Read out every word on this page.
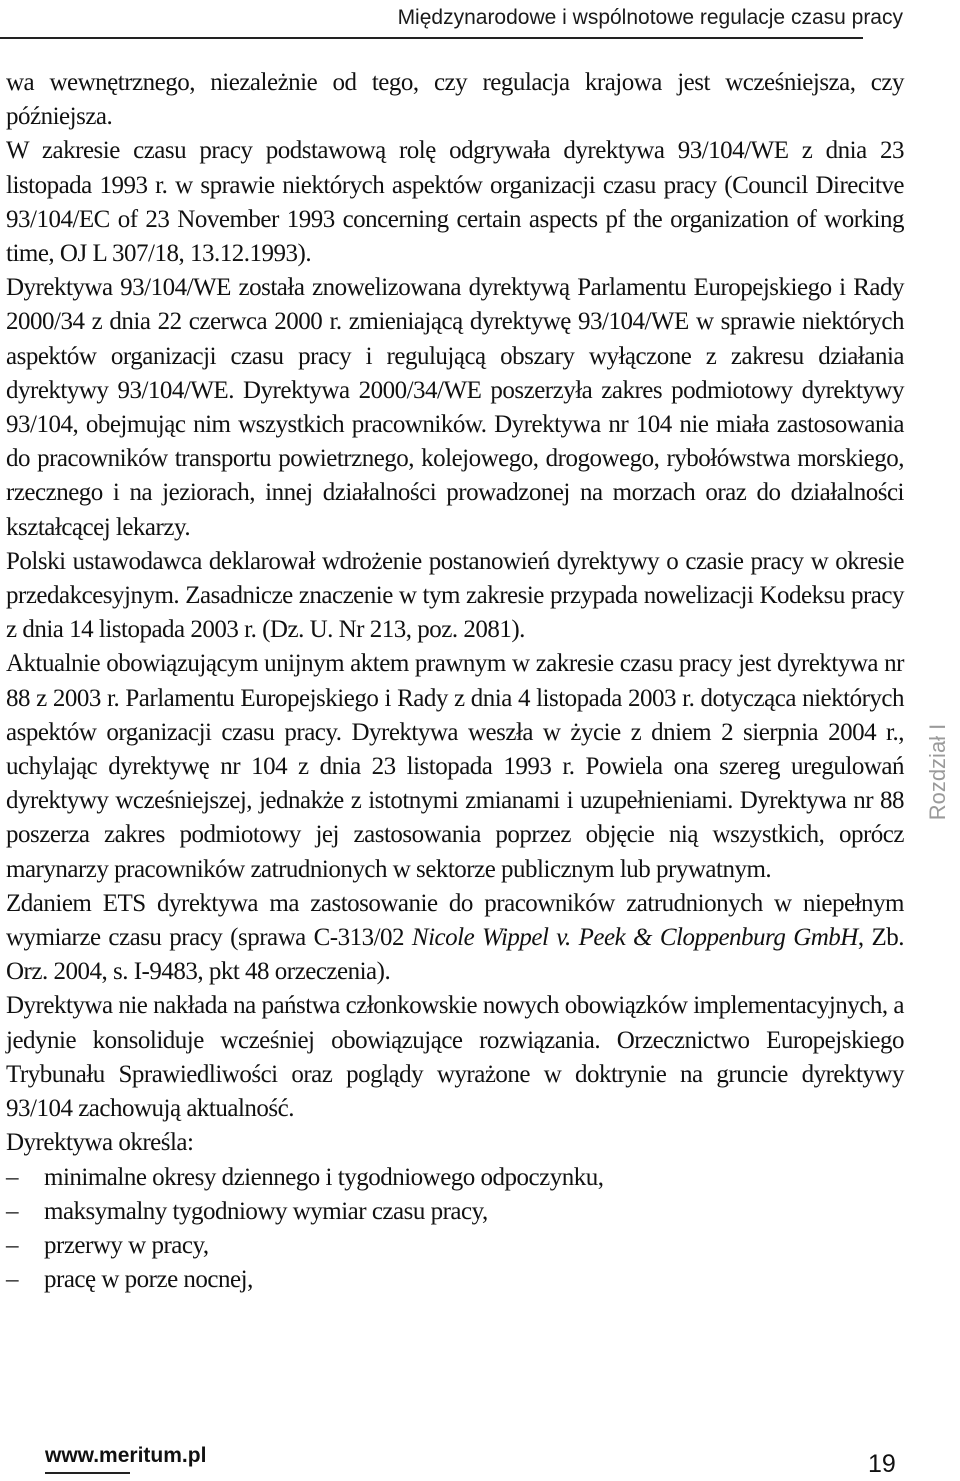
Międzynarodowe i wspólnotowe regulacje czasu pracy

wa wewnętrznego, niezależnie od tego, czy regulacja krajowa jest wcześniejsza, czy późniejsza.

W zakresie czasu pracy podstawową rolę odgrywała dyrektywa 93/104/WE z dnia 23 listopada 1993 r. w sprawie niektórych aspektów organizacji czasu pracy (Council Direcitve 93/104/EC of 23 November 1993 concerning certain aspects pf the organization of working time, OJ L 307/18, 13.12.1993).

Dyrektywa 93/104/WE została znowelizowana dyrektywą Parlamentu Europejskiego i Rady 2000/34 z dnia 22 czerwca 2000 r. zmieniającą dyrektywę 93/104/WE w sprawie niektórych aspektów organizacji czasu pracy i regulującą obszary wyłączone z zakresu działania dyrektywy 93/104/WE. Dyrektywa 2000/34/WE poszerzyła zakres podmiotowy dyrektywy 93/104, obejmując nim wszystkich pracowników. Dyrektywa nr 104 nie miała zastosowania do pracowników transportu powietrznego, kolejowego, drogowego, rybołówstwa morskiego, rzecznego i na jeziorach, innej działalności prowadzonej na morzach oraz do działalności kształcącej lekarzy.

Polski ustawodawca deklarował wdrożenie postanowień dyrektywy o czasie pracy w okresie przedakcesyjnym. Zasadnicze znaczenie w tym zakresie przypada nowelizacji Kodeksu pracy z dnia 14 listopada 2003 r. (Dz. U. Nr 213, poz. 2081).

Aktualnie obowiązującym unijnym aktem prawnym w zakresie czasu pracy jest dyrektywa nr 88 z 2003 r. Parlamentu Europejskiego i Rady z dnia 4 listopada 2003 r. dotycząca niektórych aspektów organizacji czasu pracy. Dyrektywa weszła w życie z dniem 2 sierpnia 2004 r., uchylając dyrektywę nr 104 z dnia 23 listopada 1993 r. Powiela ona szereg uregulowań dyrektywy wcześniejszej, jednakże z istotnymi zmianami i uzupełnieniami. Dyrektywa nr 88 poszerza zakres podmiotowy jej zastosowania poprzez objęcie nią wszystkich, oprócz marynarzy pracowników zatrudnionych w sektorze publicznym lub prywatnym.

Zdaniem ETS dyrektywa ma zastosowanie do pracowników zatrudnionych w niepełnym wymiarze czasu pracy (sprawa C-313/02 Nicole Wippel v. Peek & Cloppenburg GmbH, Zb. Orz. 2004, s. I-9483, pkt 48 orzeczenia).

Dyrektywa nie nakłada na państwa członkowskie nowych obowiązków implementacyjnych, a jedynie konsoliduje wcześniej obowiązujące rozwiązania. Orzecznictwo Europejskiego Trybunału Sprawiedliwości oraz poglądy wyrażone w doktrynie na gruncie dyrektywy 93/104 zachowują aktualność.

Dyrektywa określa:

– minimalne okresy dziennego i tygodniowego odpoczynku,
– maksymalny tygodniowy wymiar czasu pracy,
– przerwy w pracy,
– pracę w porze nocnej,
Rozdział I
www.meritum.pl	19
